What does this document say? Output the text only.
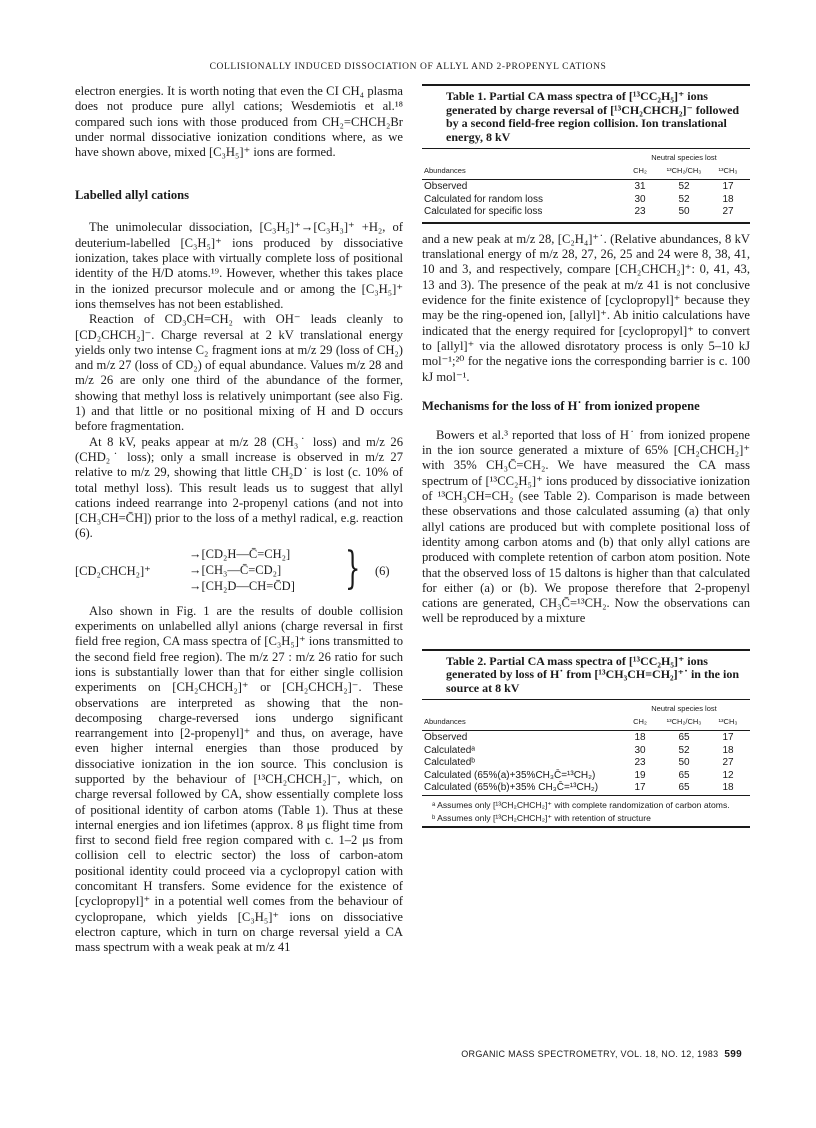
COLLISIONALLY INDUCED DISSOCIATION OF ALLYL AND 2-PROPENYL CATIONS

electron energies. It is worth noting that even the CI CH₄ plasma does not produce pure allyl cations; Wesdemiotis et al.¹⁸ compared such ions with those produced from CH₂=CHCH₂Br under normal dissociative ionization conditions where, as we have shown above, mixed [C₃H₅]⁺ ions are formed.

Labelled allyl cations

The unimolecular dissociation, [C₃H₅]⁺→[C₃H₃]⁺ +H₂, of deuterium-labelled [C₃H₅]⁺ ions produced by dissociative ionization, takes place with virtually complete loss of positional identity of the H/D atoms.¹⁹. However, whether this takes place in the ionized precursor molecule and or among the [C₃H₅]⁺ ions themselves has not been established.

Reaction of CD₃CH=CH₂ with OH⁻ leads cleanly to [CD₂CHCH₂]⁻. Charge reversal at 2 kV translational energy yields only two intense C₂ fragment ions at m/z 29 (loss of CH₂) and m/z 27 (loss of CD₂) of equal abundance. Values m/z 28 and m/z 26 are only one third of the abundance of the former, showing that methyl loss is relatively unimportant (see also Fig. 1) and that little or no positional mixing of H and D occurs before fragmentation.

At 8 kV, peaks appear at m/z 28 (CH₃˙ loss) and m/z 26 (CHD₂˙ loss); only a small increase is observed in m/z 27 relative to m/z 29, showing that little CH₂D˙ is lost (c. 10% of total methyl loss). This result leads us to suggest that allyl cations indeed rearrange into 2-propenyl cations (and not into [CH₃CH=C̄H]) prior to the loss of a methyl radical, e.g. reaction (6).

[CD₂CHCH₂]⁺
→[CD₂H—C̄=CH₂]
→[CH₃—C̄=CD₂]
→[CH₂D—CH=C̄D] } (6)

Also shown in Fig. 1 are the results of double collision experiments on unlabelled allyl anions (charge reversal in first field free region, CA mass spectra of [C₃H₅]⁺ ions transmitted to the second field free region). The m/z 27 : m/z 26 ratio for such ions is substantially lower than that for either single collision experiments on [CH₂CHCH₂]⁺ or [CH₂CHCH₂]⁻. These observations are interpreted as showing that the non-decomposing charge-reversed ions undergo significant rearrangement into [2-propenyl]⁺ and thus, on average, have even higher internal energies than those produced by dissociative ionization in the ion source. This conclusion is supported by the behaviour of [¹³CH₂CHCH₂]⁻, which, on charge reversal followed by CA, show essentially complete loss of positional identity of carbon atoms (Table 1). Thus at these internal energies and ion lifetimes (approx. 8 μs flight time from first to second field free region compared with c. 1–2 μs from collision cell to electric sector) the loss of carbon-atom positional identity could proceed via a cyclopropyl cation with concomitant H transfers. Some evidence for the existence of [cyclopropyl]⁺ in a potential well comes from the behaviour of cyclopropane, which yields [C₃H₅]⁺ ions on dissociative electron capture, which in turn on charge reversal yield a CA mass spectrum with a weak peak at m/z 41

Table 1. Partial CA mass spectra of [¹³CC₂H₅]⁺ ions generated by charge reversal of [¹³CH₂CHCH₂]⁻ followed by a second field-free region collision. Ion translational energy, 8 kV
	Neutral species lost		
Abundances	CH₂	¹³CH₂/CH₃	¹³CH₃

Observed	31	52	17
Calculated for random loss	30	52	18
Calculated for specific loss	23	50	27

and a new peak at m/z 28, [C₂H₄]⁺˙. (Relative abundances, 8 kV translational energy of m/z 28, 27, 26, 25 and 24 were 8, 38, 41, 10 and 3, and respectively, compare [CH₂CHCH₂]⁺: 0, 41, 43, 13 and 3). The presence of the peak at m/z 41 is not conclusive evidence for the finite existence of [cyclopropyl]⁺ because they may be the ring-opened ion, [allyl]⁺. Ab initio calculations have indicated that the energy required for [cyclopropyl]⁺ to convert to [allyl]⁺ via the allowed disrotatory process is only 5–10 kJ mol⁻¹;²⁰ for the negative ions the corresponding barrier is c. 100 kJ mol⁻¹.

Mechanisms for the loss of H˙ from ionized propene

Bowers et al.³ reported that loss of H˙ from ionized propene in the ion source generated a mixture of 65% [CH₂CHCH₂]⁺ with 35% CH₃C̄=CH₂. We have measured the CA mass spectrum of [¹³CC₂H₅]⁺ ions produced by dissociative ionization of ¹³CH₃CH=CH₂ (see Table 2). Comparison is made between these observations and those calculated assuming (a) that only allyl cations are produced but with complete positional loss of identity among carbon atoms and (b) that only allyl cations are produced with complete retention of carbon atom position. Note that the observed loss of 15 daltons is higher than that calculated for either (a) or (b). We propose therefore that 2-propenyl cations are generated, CH₃C̄=¹³CH₂. Now the observations can well be reproduced by a mixture

Table 2. Partial CA mass spectra of [¹³CC₂H₅]⁺ ions generated by loss of H˙ from [¹³CH₃CH=CH₂]⁺˙ in the ion source at 8 kV
	Neutral species lost		
Abundances	CH₂	¹³CH₂/CH₃	¹³CH₃

Observed	18	65	17
Calculatedᵃ	30	52	18
Calculatedᵇ	23	50	27
Calculated (65%(a)+35%CH₃C̄=¹³CH₂)	19	65	12
Calculated (65%(b)+35% CH₃C̄=¹³CH₂)	17	65	18
ᵃ Assumes only [¹³CH₂CHCH₂]⁺ with complete randomization of carbon atoms.
ᵇ Assumes only [¹³CH₂CHCH₂]⁺ with retention of structure
ORGANIC MASS SPECTROMETRY, VOL. 18, NO. 12, 1983 599
